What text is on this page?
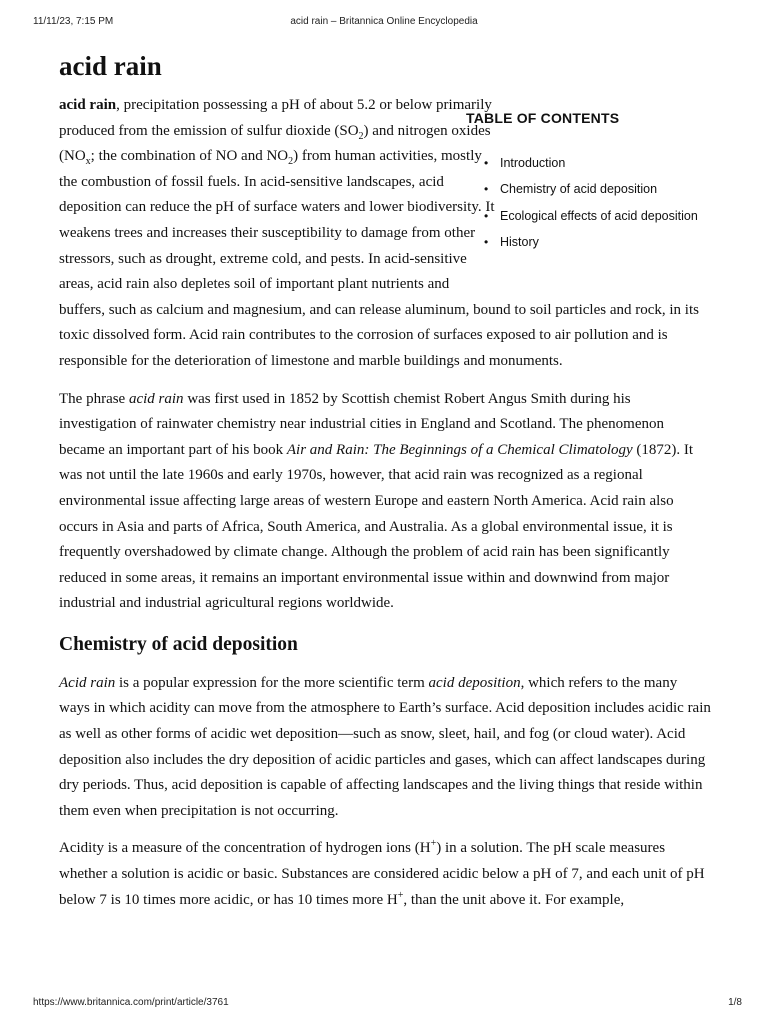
11/11/23, 7:15 PM	acid rain – Britannica Online Encyclopedia
acid rain

TABLE OF CONTENTS

• Introduction
• Chemistry of acid deposition
• Ecological effects of acid deposition
• History

acid rain, precipitation possessing a pH of about 5.2 or below primarily produced from the emission of sulfur dioxide $(SO_2)$ and nitrogen oxides ($NO_x$; the combination of NO and $NO_2$) from human activities, mostly the combustion of fossil fuels. In acid-sensitive landscapes, acid deposition can reduce the pH of surface waters and lower biodiversity. It weakens trees and increases their susceptibility to damage from other stressors, such as drought, extreme cold, and pests. In acid-sensitive areas, acid rain also depletes soil of important plant nutrients and buffers, such as calcium and magnesium, and can release aluminum, bound to soil particles and rock, in its toxic dissolved form. Acid rain contributes to the corrosion of surfaces exposed to air pollution and is responsible for the deterioration of limestone and marble buildings and monuments.

The phrase acid rain was first used in 1852 by Scottish chemist Robert Angus Smith during his investigation of rainwater chemistry near industrial cities in England and Scotland. The phenomenon became an important part of his book Air and Rain: The Beginnings of a Chemical Climatology (1872). It was not until the late 1960s and early 1970s, however, that acid rain was recognized as a regional environmental issue affecting large areas of western Europe and eastern North America. Acid rain also occurs in Asia and parts of Africa, South America, and Australia. As a global environmental issue, it is frequently overshadowed by climate change. Although the problem of acid rain has been significantly reduced in some areas, it remains an important environmental issue within and downwind from major industrial and industrial agricultural regions worldwide.

Chemistry of acid deposition

Acid rain is a popular expression for the more scientific term acid deposition, which refers to the many ways in which acidity can move from the atmosphere to Earth’s surface. Acid deposition includes acidic rain as well as other forms of acidic wet deposition—such as snow, sleet, hail, and fog (or cloud water). Acid deposition also includes the dry deposition of acidic particles and gases, which can affect landscapes during dry periods. Thus, acid deposition is capable of affecting landscapes and the living things that reside within them even when precipitation is not occurring.

Acidity is a measure of the concentration of hydrogen ions (H+) in a solution. The pH scale measures whether a solution is acidic or basic. Substances are considered acidic below a pH of 7, and each unit of pH below 7 is 10 times more acidic, or has 10 times more H+, than the unit above it. For example,

https://www.britannica.com/print/article/3761	1/8
